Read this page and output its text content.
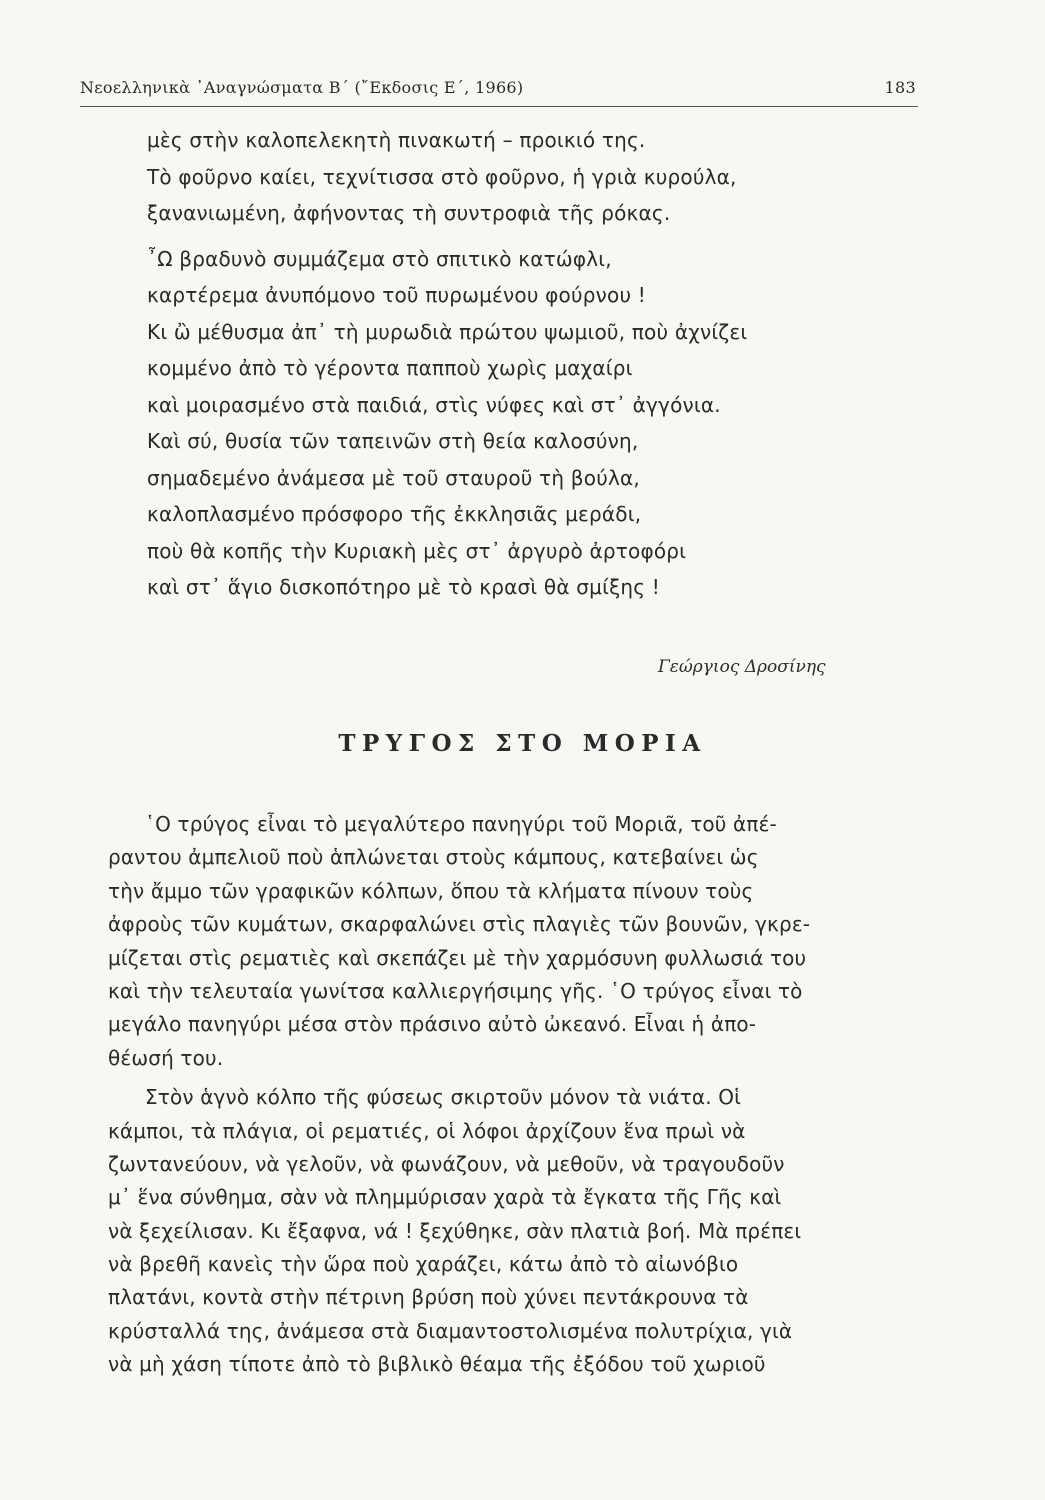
Νεοελληνικὰ ᾿Αναγνώσματα Β΄ (῎Εκδοσις Ε΄, 1966)	183
μὲς στὴν καλοπελεκητὴ πινακωτή – προικιό της.
Τὸ φοῦρνο καίει, τεχνίτισσα στὸ φοῦρνο, ἡ γριὰ κυρούλα,
ξανανιωμένη, ἀφήνοντας τὴ συντροφιὰ τῆς ρόκας.
῏Ω βραδυνὸ συμμάζεμα στὸ σπιτικὸ κατώφλι,
καρτέρεμα ἀνυπόμονο τοῦ πυρωμένου φούρνου !
Κι ὢ μέθυσμα ἀπ᾿ τὴ μυρωδιὰ πρώτου ψωμιοῦ, ποὺ ἀχνίζει
κομμένο ἀπὸ τὸ γέροντα παπποὺ χωρὶς μαχαίρι
καὶ μοιρασμένο στὰ παιδιά, στὶς νύφες καὶ στ᾿ ἀγγόνια.
Καὶ σύ, θυσία τῶν ταπεινῶν στὴ θεία καλοσύνη,
σημαδεμένο ἀνάμεσα μὲ τοῦ σταυροῦ τὴ βούλα,
καλοπλασμένο πρόσφορο τῆς ἐκκλησιᾶς μεράδι,
ποὺ θὰ κοπῆς τὴν Κυριακὴ μὲς στ᾿ ἀργυρὸ ἀρτοφόρι
καὶ στ᾿ ἅγιο δισκοπότηρο μὲ τὸ κρασὶ θὰ σμίξης !
Γεώργιος Δροσίνης
ΤΡΥΓΟΣ ΣΤΟ ΜΟΡΙΑ
῾Ο τρύγος εἶναι τὸ μεγαλύτερο πανηγύρι τοῦ Μοριᾶ, τοῦ ἀπέ-
ραντου ἀμπελιοῦ ποὺ ἁπλώνεται στοὺς κάμπους, κατεβαίνει ὡς
τὴν ἄμμο τῶν γραφικῶν κόλπων, ὅπου τὰ κλήματα πίνουν τοὺς
ἀφροὺς τῶν κυμάτων, σκαρφαλώνει στὶς πλαγιὲς τῶν βουνῶν, γκρε-
μίζεται στὶς ρεματιὲς καὶ σκεπάζει μὲ τὴν χαρμόσυνη φυλλωσιά του
καὶ τὴν τελευταία γωνίτσα καλλιεργήσιμης γῆς. ῾Ο τρύγος εἶναι τὸ
μεγάλο πανηγύρι μέσα στὸν πράσινο αὐτὸ ὠκεανό. Εἶναι ἡ ἀπο-
θέωσή του.
Στὸν ἁγνὸ κόλπο τῆς φύσεως σκιρτοῦν μόνον τὰ νιάτα. Οἱ
κάμποι, τὰ πλάγια, οἱ ρεματιές, οἱ λόφοι ἀρχίζουν ἕνα πρωὶ νὰ
ζωντανεύουν, νὰ γελοῦν, νὰ φωνάζουν, νὰ μεθοῦν, νὰ τραγουδοῦν
μ᾿ ἕνα σύνθημα, σὰν νὰ πλημμύρισαν χαρὰ τὰ ἔγκατα τῆς Γῆς καὶ
νὰ ξεχείλισαν. Κι ἔξαφνα, νά ! ξεχύθηκε, σὰν πλατιὰ βοή. Μὰ πρέπει
νὰ βρεθῆ κανεὶς τὴν ὥρα ποὺ χαράζει, κάτω ἀπὸ τὸ αἰωνόβιο
πλατάνι, κοντὰ στὴν πέτρινη βρύση ποὺ χύνει πεντάκρουνα τὰ
κρύσταλλά της, ἀνάμεσα στὰ διαμαντοστολισμένα πολυτρίχια, γιὰ
νὰ μὴ χάση τίποτε ἀπὸ τὸ βιβλικὸ θέαμα τῆς ἐξόδου τοῦ χωριοῦ
